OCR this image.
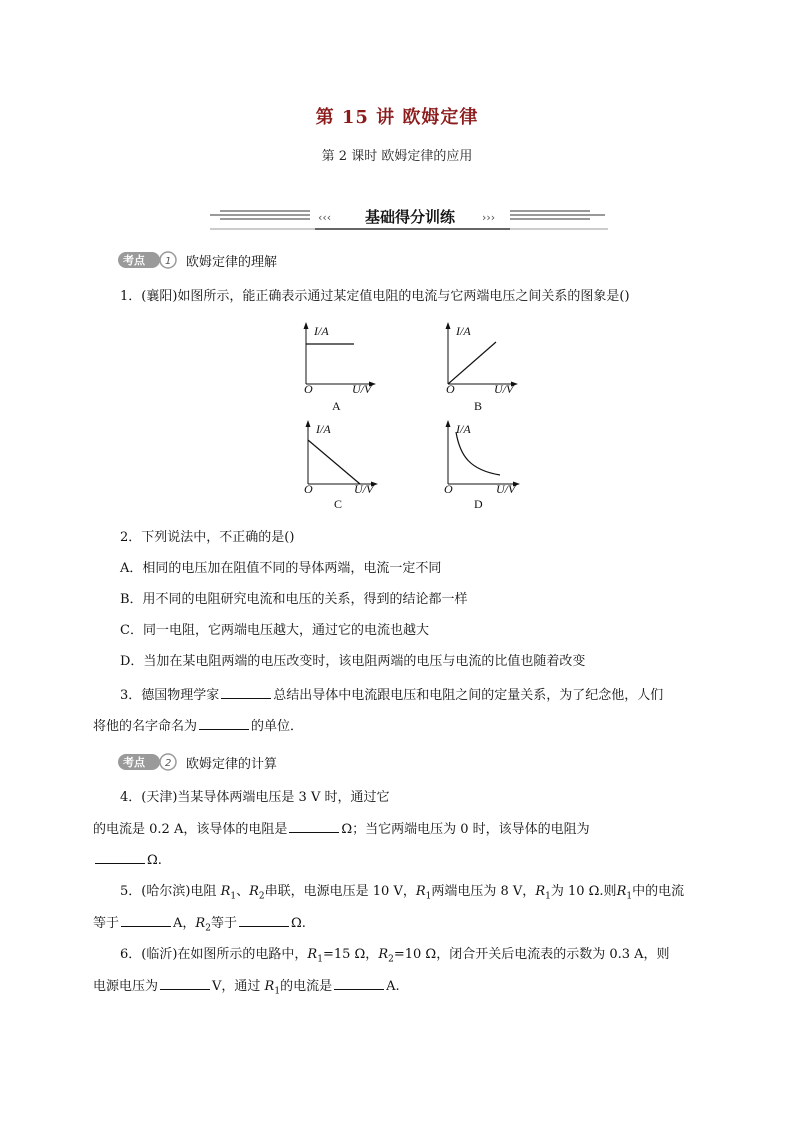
第 15 讲 欧姆定律
第 2 课时 欧姆定律的应用
‹‹‹	›››
基础得分训练
考点 1 欧姆定律的理解
1．(襄阳)如图所示，能正确表示通过某定值电阻的电流与它两端电压之间关系的图象是()
I/A
O	U/V
A
I/A
O	U/V
B
I/A
O	U/V
C
I/A
O	U/V
D
2．下列说法中，不正确的是()
A．相同的电压加在阻值不同的导体两端，电流一定不同
B．用不同的电阻研究电流和电压的关系，得到的结论都一样
C．同一电阻，它两端电压越大，通过它的电流也越大
D．当加在某电阻两端的电压改变时，该电阻两端的电压与电流的比值也随着改变
3．德国物理学家	总结出导体中电流跟电压和电阻之间的定量关系，为了纪念他，人们
将他的名字命名为	的单位．
考点 2 欧姆定律的计算
4．(天津)当某导体两端电压是 3 V 时，通过它
的电流是 0.2 A，该导体的电阻是	Ω；当它两端电压为 0 时，该导体的电阻为
Ω.
5．(哈尔滨)电阻 $R_1$、$R_2$串联，电源电压是 10 V，$R_1$两端电压为 8 V，$R_1$为 10 Ω.则$R_1$中的电流
等于	A，$R_2$等于	Ω.
6．(临沂)在如图所示的电路中，$R_1=15$ Ω，$R_2=10$ Ω，闭合开关后电流表的示数为 0.3 A，则
电源电压为	V，通过 $R_1$的电流是	A.
